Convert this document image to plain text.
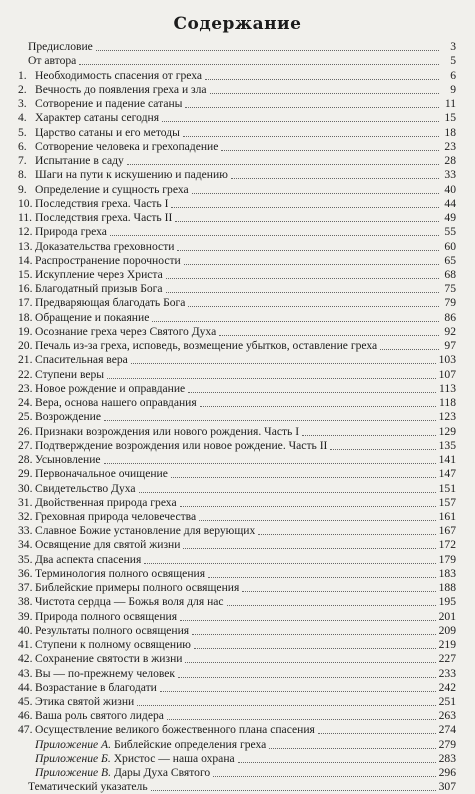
Содержание
Предисловие	3
От автора	5
1. Необходимость спасения от греха	6
2. Вечность до появления греха и зла	9
3. Сотворение и падение сатаны	11
4. Характер сатаны сегодня	15
5. Царство сатаны и его методы	18
6. Сотворение человека и грехопадение	23
7. Испытание в саду	28
8. Шаги на пути к искушению и падению	33
9. Определение и сущность греха	40
10. Последствия греха. Часть I	44
11. Последствия греха. Часть II	49
12. Природа греха	55
13. Доказательства греховности	60
14. Распространение порочности	65
15. Искупление через Христа	68
16. Благодатный призыв Бога	75
17. Предваряющая благодать Бога	79
18. Обращение и покаяние	86
19. Осознание греха через Святого Духа	92
20. Печаль из-за греха, исповедь, возмещение убытков, оставление греха	97
21. Спасительная вера	103
22. Ступени веры	107
23. Новое рождение и оправдание	113
24. Вера, основа нашего оправдания	118
25. Возрождение	123
26. Признаки возрождения или нового рождения. Часть I	129
27. Подтверждение возрождения или новое рождение. Часть II	135
28. Усыновление	141
29. Первоначальное очищение	147
30. Свидетельство Духа	151
31. Двойственная природа греха	157
32. Греховная природа человечества	161
33. Славное Божие установление для верующих	167
34. Освящение для святой жизни	172
35. Два аспекта спасения	179
36. Терминология полного освящения	183
37. Библейские примеры полного освящения	188
38. Чистота сердца — Божья воля для нас	195
39. Природа полного освящения	201
40. Результаты полного освящения	209
41. Ступени к полному освящению	219
42. Сохранение святости в жизни	227
43. Вы — по-прежнему человек	233
44. Возрастание в благодати	242
45. Этика святой жизни	251
46. Ваша роль святого лидера	263
47. Осуществление великого божественного плана спасения	274
Приложение А. Библейские определения греха	279
Приложение Б. Христос — наша охрана	283
Приложение В. Дары Духа Святого	296
Тематический указатель	307
